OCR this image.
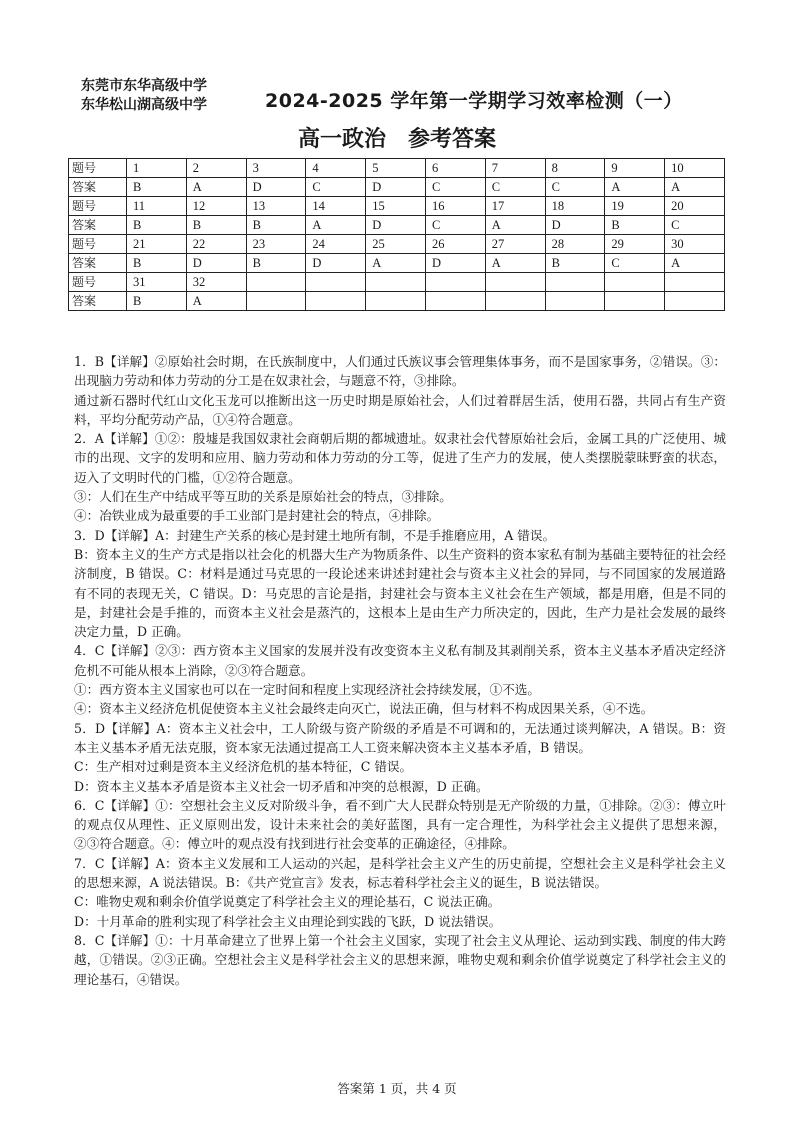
东莞市东华高级中学
东华松山湖高级中学	2024-2025 学年第一学期学习效率检测（一）
高一政治 参考答案
题号	1	2	3	4	5	6	7	8	9	10
答案	B	A	D	C	D	C	C	C	A	A
题号	11	12	13	14	15	16	17	18	19	20
答案	B	B	B	A	D	C	A	D	B	C
题号	21	22	23	24	25	26	27	28	29	30
答案	B	D	B	D	A	D	A	B	C	A
题号	31	32								
答案	B	A								

1．B【详解】②原始社会时期，在氏族制度中，人们通过氏族议事会管理集体事务，而不是国家事务，②错误。③：出现脑力劳动和体力劳动的分工是在奴隶社会，与题意不符，③排除。

通过新石器时代红山文化玉龙可以推断出这一历史时期是原始社会，人们过着群居生活，使用石器，共同占有生产资料，平均分配劳动产品，①④符合题意。

2．A【详解】①②：殷墟是我国奴隶社会商朝后期的都城遗址。奴隶社会代替原始社会后，金属工具的广泛使用、城市的出现、文字的发明和应用、脑力劳动和体力劳动的分工等，促进了生产力的发展，使人类摆脱蒙昧野蛮的状态，迈入了文明时代的门槛，①②符合题意。

③：人们在生产中结成平等互助的关系是原始社会的特点，③排除。

④：冶铁业成为最重要的手工业部门是封建社会的特点，④排除。

3．D【详解】A：封建生产关系的核心是封建土地所有制，不是手推磨应用，A 错误。

B：资本主义的生产方式是指以社会化的机器大生产为物质条件、以生产资料的资本家私有制为基础主要特征的社会经济制度，B 错误。C：材料是通过马克思的一段论述来讲述封建社会与资本主义社会的异同，与不同国家的发展道路有不同的表现无关，C 错误。D：马克思的言论是指，封建社会与资本主义社会在生产领域，都是用磨，但是不同的是，封建社会是手推的，而资本主义社会是蒸汽的，这根本上是由生产力所决定的，因此，生产力是社会发展的最终决定力量，D 正确。

4．C【详解】②③：西方资本主义国家的发展并没有改变资本主义私有制及其剥削关系，资本主义基本矛盾决定经济危机不可能从根本上消除，②③符合题意。

①：西方资本主义国家也可以在一定时间和程度上实现经济社会持续发展，①不选。

④：资本主义经济危机促使资本主义社会最终走向灭亡，说法正确，但与材料不构成因果关系，④不选。

5．D【详解】A：资本主义社会中，工人阶级与资产阶级的矛盾是不可调和的，无法通过谈判解决，A 错误。B：资本主义基本矛盾无法克服，资本家无法通过提高工人工资来解决资本主义基本矛盾，B 错误。

C：生产相对过剩是资本主义经济危机的基本特征，C 错误。

D：资本主义基本矛盾是资本主义社会一切矛盾和冲突的总根源，D 正确。

6．C【详解】①：空想社会主义反对阶级斗争，看不到广大人民群众特别是无产阶级的力量，①排除。②③：傅立叶的观点仅从理性、正义原则出发，设计未来社会的美好蓝图，具有一定合理性，为科学社会主义提供了思想来源，②③符合题意。④：傅立叶的观点没有找到进行社会变革的正确途径，④排除。

7．C【详解】A：资本主义发展和工人运动的兴起，是科学社会主义产生的历史前提，空想社会主义是科学社会主义的思想来源，A 说法错误。B：《共产党宣言》发表，标志着科学社会主义的诞生，B 说法错误。

C：唯物史观和剩余价值学说奠定了科学社会主义的理论基石，C 说法正确。

D：十月革命的胜利实现了科学社会主义由理论到实践的飞跃，D 说法错误。

8．C【详解】①：十月革命建立了世界上第一个社会主义国家，实现了社会主义从理论、运动到实践、制度的伟大跨越，①错误。②③正确。空想社会主义是科学社会主义的思想来源，唯物史观和剩余价值学说奠定了科学社会主义的理论基石，④错误。

答案第 1 页，共 4 页
